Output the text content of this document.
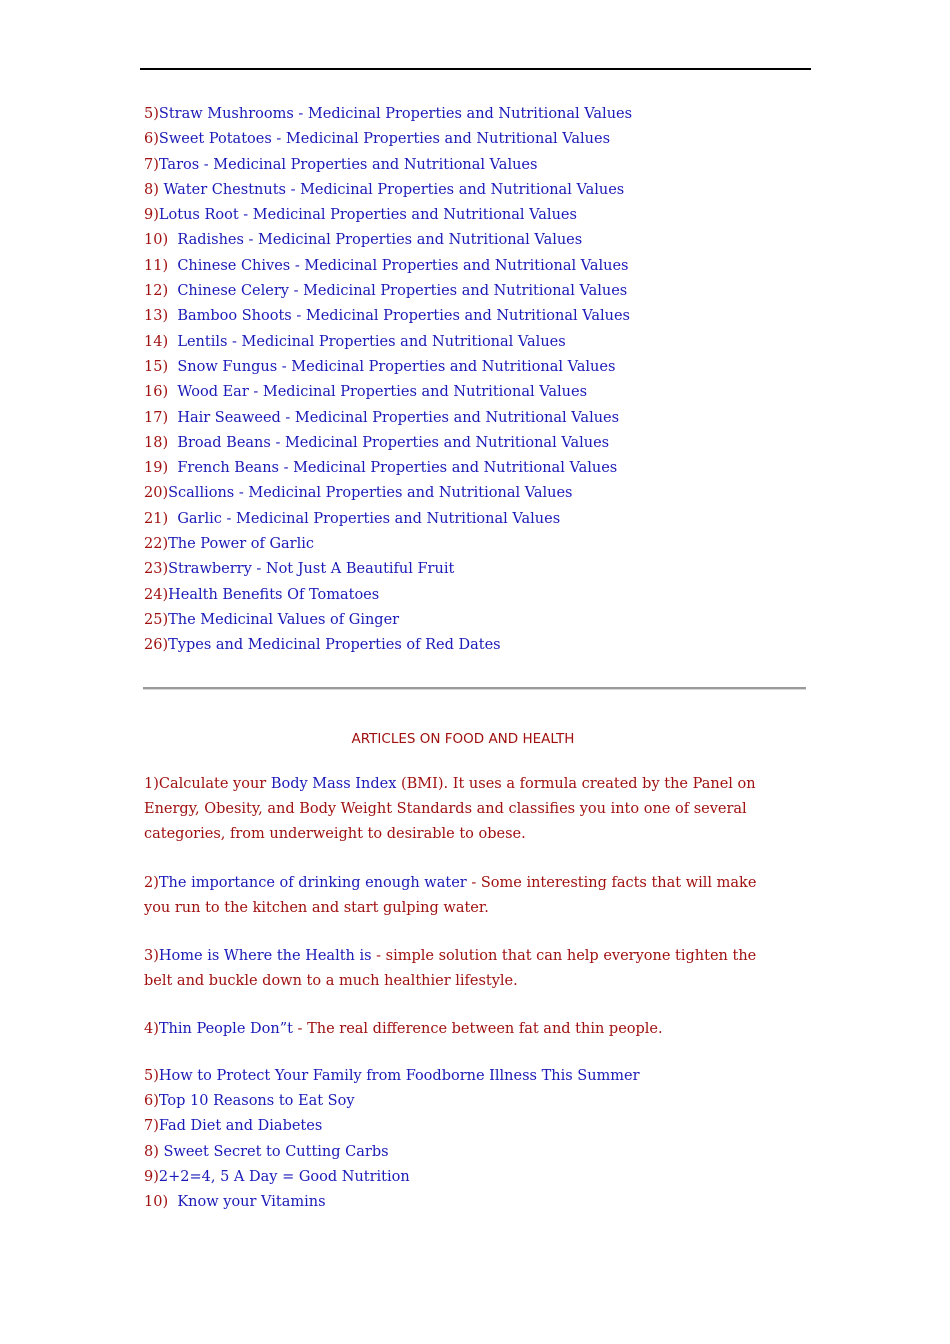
5)Straw Mushrooms - Medicinal Properties and Nutritional Values
6)Sweet Potatoes - Medicinal Properties and Nutritional Values
7)Taros - Medicinal Properties and Nutritional Values
8) Water Chestnuts - Medicinal Properties and Nutritional Values
9)Lotus Root - Medicinal Properties and Nutritional Values
10) Radishes - Medicinal Properties and Nutritional Values
11) Chinese Chives - Medicinal Properties and Nutritional Values
12) Chinese Celery - Medicinal Properties and Nutritional Values
13) Bamboo Shoots - Medicinal Properties and Nutritional Values
14) Lentils - Medicinal Properties and Nutritional Values
15) Snow Fungus - Medicinal Properties and Nutritional Values
16) Wood Ear - Medicinal Properties and Nutritional Values
17) Hair Seaweed - Medicinal Properties and Nutritional Values
18) Broad Beans - Medicinal Properties and Nutritional Values
19) French Beans - Medicinal Properties and Nutritional Values
20)Scallions - Medicinal Properties and Nutritional Values
21) Garlic - Medicinal Properties and Nutritional Values
22)The Power of Garlic
23)Strawberry - Not Just A Beautiful Fruit
24)Health Benefits Of Tomatoes
25)The Medicinal Values of Ginger
26)Types and Medicinal Properties of Red Dates
ARTICLES ON FOOD AND HEALTH
1)Calculate your Body Mass Index (BMI). It uses a formula created by the Panel on Energy, Obesity, and Body Weight Standards and classifies you into one of several categories, from underweight to desirable to obese.
2)The importance of drinking enough water - Some interesting facts that will make you run to the kitchen and start gulping water.
3)Home is Where the Health is - simple solution that can help everyone tighten the belt and buckle down to a much healthier lifestyle.
4)Thin People Don”t - The real difference between fat and thin people.
5)How to Protect Your Family from Foodborne Illness This Summer
6)Top 10 Reasons to Eat Soy
7)Fad Diet and Diabetes
8) Sweet Secret to Cutting Carbs
9)2+2=4, 5 A Day = Good Nutrition
10) Know your Vitamins
